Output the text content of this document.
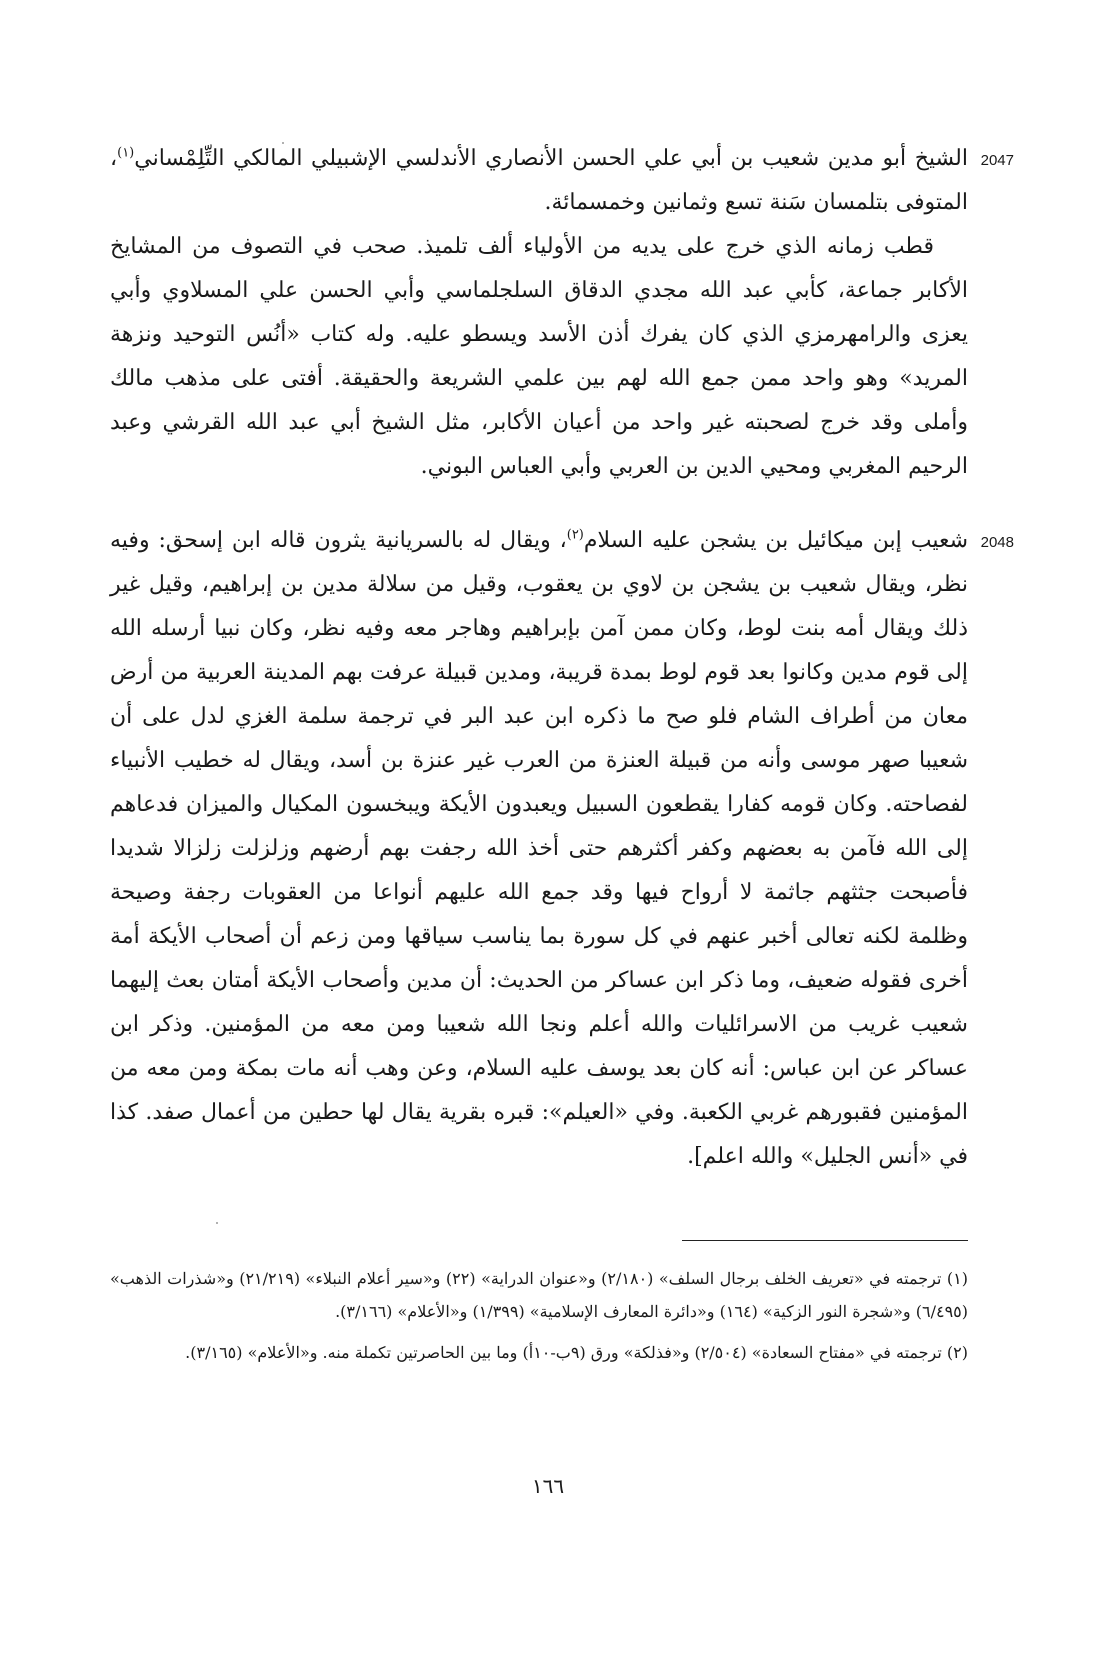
2047

الشيخ أبو مدين شعيب بن أبي علي الحسن الأنصاري الأندلسي الإشبيلي المالكي التِّلِمْساني$^{(١)}$، المتوفى بتلمسان سَنة تسع وثمانين وخمسمائة.

قطب زمانه الذي خرج على يديه من الأولياء ألف تلميذ. صحب في التصوف من المشايخ الأكابر جماعة، كأبي عبد الله مجدي الدقاق السلجلماسي وأبي الحسن علي المسلاوي وأبي يعزى والرامهرمزي الذي كان يفرك أذن الأسد ويسطو عليه. وله كتاب «أنُس التوحيد ونزهة المريد» وهو واحد ممن جمع الله لهم بين علمي الشريعة والحقيقة. أفتى على مذهب مالك وأملى وقد خرج لصحبته غير واحد من أعيان الأكابر، مثل الشيخ أبي عبد الله القرشي وعبد الرحيم المغربي ومحيي الدين بن العربي وأبي العباس البوني.

2048

شعيب إبن ميكائيل بن يشجن عليه السلام$^{(٢)}$، ويقال له بالسريانية يثرون قاله ابن إسحق: وفيه نظر، ويقال شعيب بن يشجن بن لاوي بن يعقوب، وقيل من سلالة مدين بن إبراهيم، وقيل غير ذلك ويقال أمه بنت لوط، وكان ممن آمن بإبراهيم وهاجر معه وفيه نظر، وكان نبيا أرسله الله إلى قوم مدين وكانوا بعد قوم لوط بمدة قريبة، ومدين قبيلة عرفت بهم المدينة العربية من أرض معان من أطراف الشام فلو صح ما ذكره ابن عبد البر في ترجمة سلمة الغزي لدل على أن شعيبا صهر موسى وأنه من قبيلة العنزة من العرب غير عنزة بن أسد، ويقال له خطيب الأنبياء لفصاحته. وكان قومه كفارا يقطعون السبيل ويعبدون الأيكة ويبخسون المكيال والميزان فدعاهم إلى الله فآمن به بعضهم وكفر أكثرهم حتى أخذ الله رجفت بهم أرضهم وزلزلت زلزالا شديدا فأصبحت جثثهم جاثمة لا أرواح فيها وقد جمع الله عليهم أنواعا من العقوبات رجفة وصيحة وظلمة لكنه تعالى أخبر عنهم في كل سورة بما يناسب سياقها ومن زعم أن أصحاب الأيكة أمة أخرى فقوله ضعيف، وما ذكر ابن عساكر من الحديث: أن مدين وأصحاب الأيكة أمتان بعث إليهما شعيب غريب من الاسرائليات والله أعلم ونجا الله شعيبا ومن معه من المؤمنين. وذكر ابن عساكر عن ابن عباس: أنه كان بعد يوسف عليه السلام، وعن وهب أنه مات بمكة ومن معه من المؤمنين فقبورهم غربي الكعبة. وفي «العيلم»: قبره بقرية يقال لها حطين من أعمال صفد. كذا في «أنس الجليل» والله اعلم].

(١) ترجمته في «تعريف الخلف برجال السلف» (٢/١٨٠) و«عنوان الدراية» (٢٢) و«سير أعلام النبلاء» (٢١/٢١٩) و«شذرات الذهب» (٦/٤٩٥) و«شجرة النور الزكية» (١٦٤) و«دائرة المعارف الإسلامية» (١/٣٩٩) و«الأعلام» (٣/١٦٦).

(٢) ترجمته في «مفتاح السعادة» (٢/٥٠٤) و«فذلكة» ورق (٩ب-١٠أ) وما بين الحاصرتين تكملة منه. و«الأعلام» (٣/١٦٥).

١٦٦
